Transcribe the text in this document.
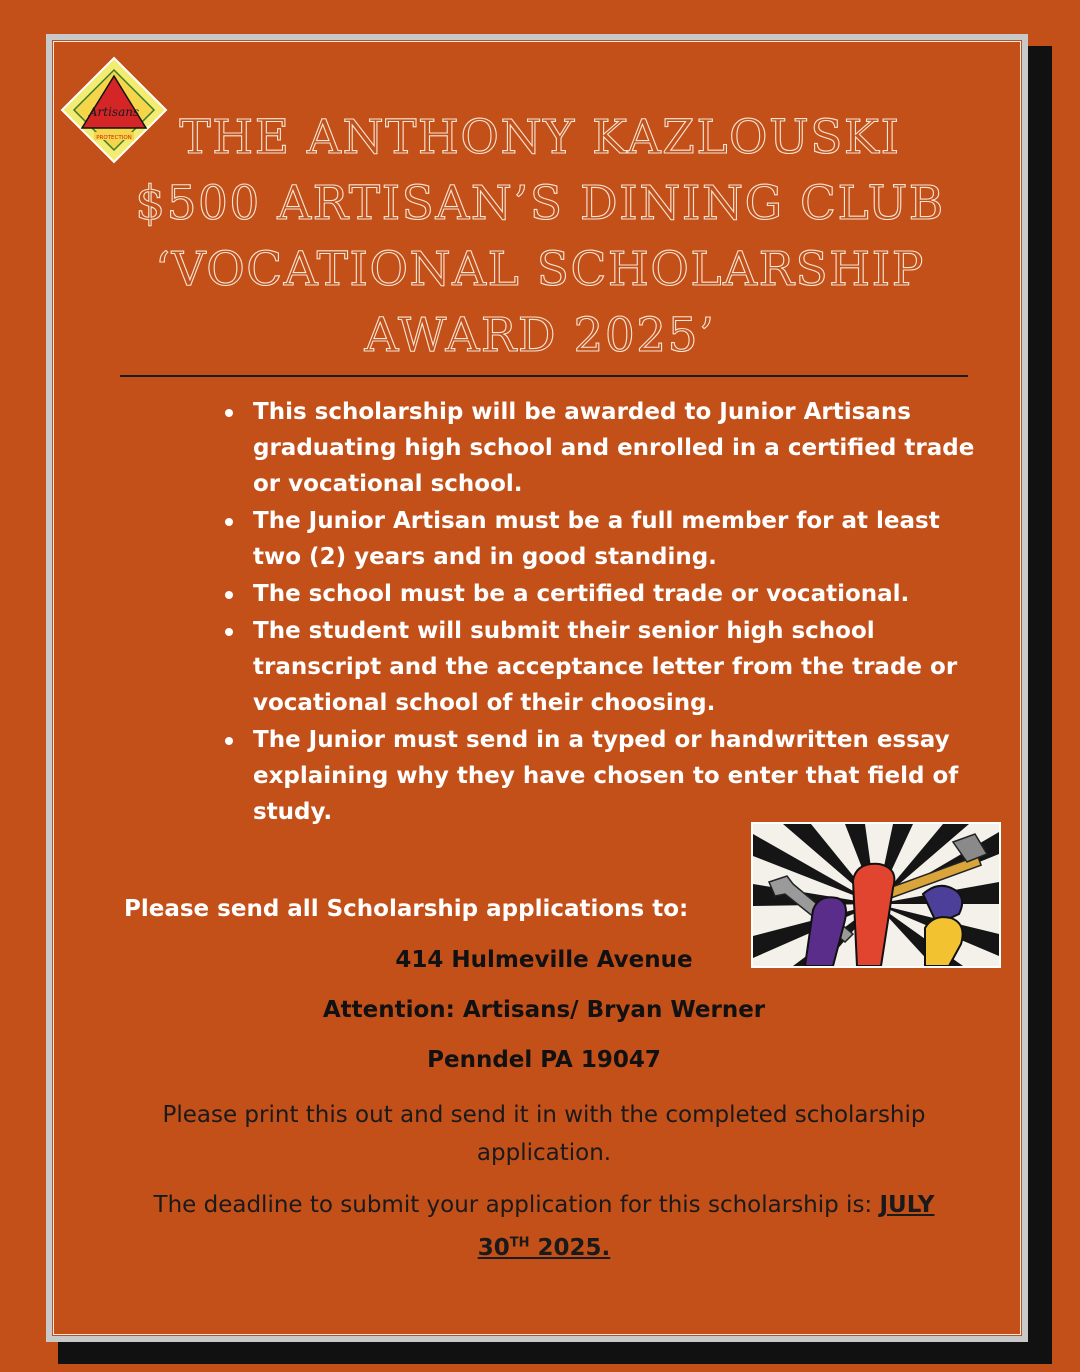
Artisans
PROTECTION	THE ANTHONY KAZLOUSKI
$500 ARTISAN’S DINING CLUB
‘VOCATIONAL SCHOLARSHIP
AWARD 2025’
This scholarship will be awarded to Junior Artisans graduating high school and enrolled in a certified trade or vocational school.
The Junior Artisan must be a full member for at least two (2) years and in good standing.
The school must be a certified trade or vocational.
The student will submit their senior high school transcript and the acceptance letter from the trade or vocational school of their choosing.
The Junior must send in a typed or handwritten essay explaining why they have chosen to enter that field of study.
Please send all Scholarship applications to:
414 Hulmeville Avenue
Attention: Artisans/ Bryan Werner
Penndel PA 19047
Please print this out and send it in with the completed scholarship application.
The deadline to submit your application for this scholarship is: JULY
30TH 2025.
